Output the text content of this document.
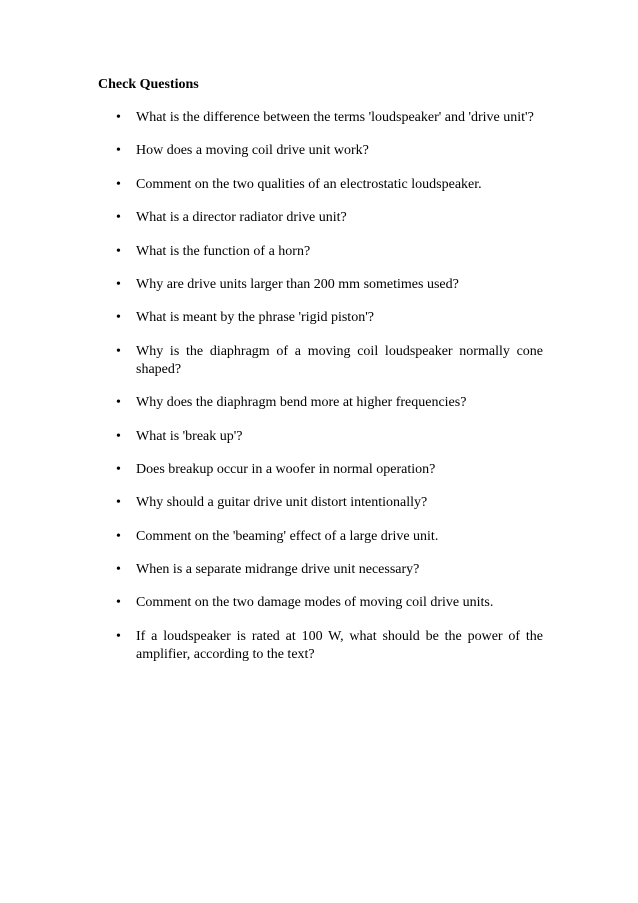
Check Questions
• What is the difference between the terms 'loudspeaker' and 'drive unit'?
• How does a moving coil drive unit work?
• Comment on the two qualities of an electrostatic loudspeaker.
• What is a director radiator drive unit?
• What is the function of a horn?
• Why are drive units larger than 200 mm sometimes used?
• What is meant by the phrase 'rigid piston'?
• Why is the diaphragm of a moving coil loudspeaker normally cone shaped?
• Why does the diaphragm bend more at higher frequencies?
• What is 'break up'?
• Does breakup occur in a woofer in normal operation?
• Why should a guitar drive unit distort intentionally?
• Comment on the 'beaming' effect of a large drive unit.
• When is a separate midrange drive unit necessary?
• Comment on the two damage modes of moving coil drive units.
• If a loudspeaker is rated at 100 W, what should be the power of the amplifier, according to the text?
